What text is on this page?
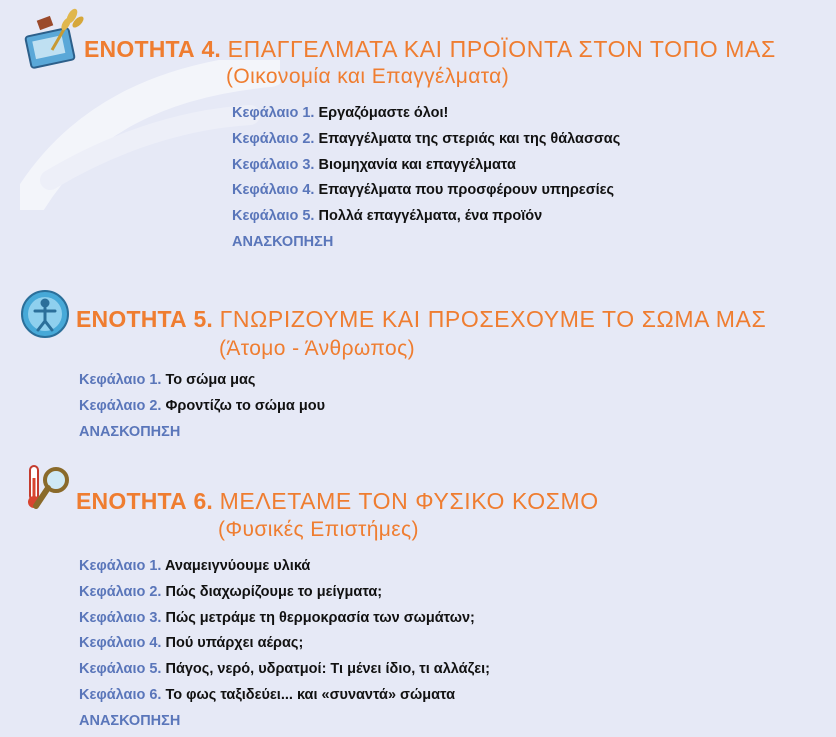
ΕΝΟΤΗΤΑ 4. ΕΠΑΓΓΕΛΜΑΤΑ ΚΑΙ ΠΡΟΪΟΝΤΑ ΣΤΟΝ ΤΟΠΟ ΜΑΣ
(Οικονομία και Επαγγέλματα)
Κεφάλαιο 1. Εργαζόμαστε όλοι!
Κεφάλαιο 2. Επαγγέλματα της στεριάς και της θάλασσας
Κεφάλαιο 3. Βιομηχανία και επαγγέλματα
Κεφάλαιο 4. Επαγγέλματα που προσφέρουν υπηρεσίες
Κεφάλαιο 5. Πολλά επαγγέλματα, ένα προϊόν
ΑΝΑΣΚΟΠΗΣΗ
ΕΝΟΤΗΤΑ 5. ΓΝΩΡΙΖΟΥΜΕ ΚΑΙ ΠΡΟΣΕΧΟΥΜΕ ΤΟ ΣΩΜΑ ΜΑΣ
(Άτομο - Άνθρωπος)
Κεφάλαιο 1. Το σώμα μας
Κεφάλαιο 2. Φροντίζω το σώμα μου
ΑΝΑΣΚΟΠΗΣΗ
ΕΝΟΤΗΤΑ 6. ΜΕΛΕΤΑΜΕ ΤΟΝ ΦΥΣΙΚΟ ΚΟΣΜΟ
(Φυσικές Επιστήμες)
Κεφάλαιο 1. Αναμειγνύουμε υλικά
Κεφάλαιο 2. Πώς διαχωρίζουμε το μείγματα;
Κεφάλαιο 3. Πώς μετράμε τη θερμοκρασία των σωμάτων;
Κεφάλαιο 4. Πού υπάρχει αέρας;
Κεφάλαιο 5. Πάγος, νερό, υδρατμοί: Τι μένει ίδιο, τι αλλάζει;
Κεφάλαιο 6. Το φως ταξιδεύει... και «συναντά» σώματα
ΑΝΑΣΚΟΠΗΣΗ
